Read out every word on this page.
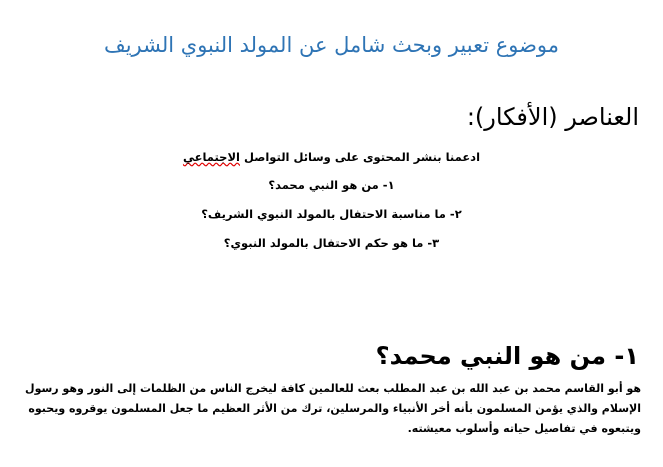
موضوع تعبير وبحث شامل عن المولد النبوي الشريف
العناصر (الأفكار):
ادعمنا بنشر المحتوى على وسائل التواصل الاجتماعي
١- من هو النبي محمد؟
٢- ما مناسبة الاحتفال بالمولد النبوي الشريف؟
٣- ما هو حكم الاحتفال بالمولد النبوي؟
١- من هو النبي محمد؟

هو أبو القاسم محمد بن عبد الله بن عبد المطلب بعث للعالمين كافة ليخرج الناس من الظلمات إلى النور وهو رسول الإسلام والذي يؤمن المسلمون بأنه أخر الأنبياء والمرسلين، ترك من الأثر العظيم ما جعل المسلمون يوقروه ويحبوه ويتبعوه في تفاصيل حياته وأسلوب معيشته.
